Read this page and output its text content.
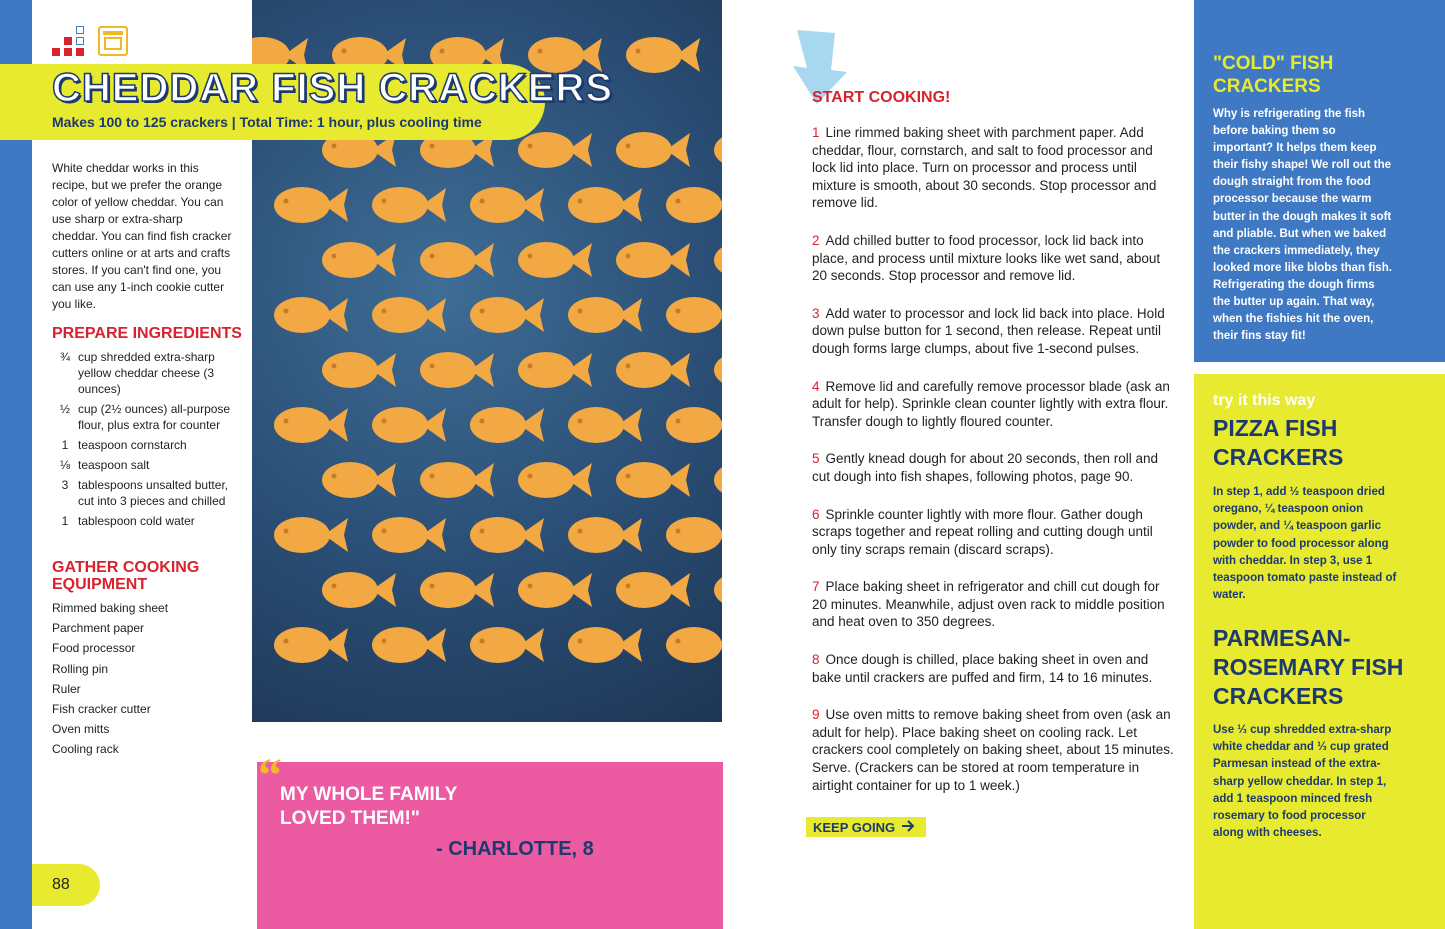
CHEDDAR FISH CRACKERS
Makes 100 to 125 crackers | Total Time: 1 hour, plus cooling time
White cheddar works in this recipe, but we prefer the orange color of yellow cheddar. You can use sharp or extra-sharp cheddar. You can find fish cracker cutters online or at arts and crafts stores. If you can't find one, you can use any 1-inch cookie cutter you like.
PREPARE INGREDIENTS
¾ cup shredded extra-sharp yellow cheddar cheese (3 ounces)
½ cup (2½ ounces) all-purpose flour, plus extra for counter
1 teaspoon cornstarch
⅛ teaspoon salt
3 tablespoons unsalted butter, cut into 3 pieces and chilled
1 tablespoon cold water
GATHER COOKING EQUIPMENT
Rimmed baking sheet
Parchment paper
Food processor
Rolling pin
Ruler
Fish cracker cutter
Oven mitts
Cooling rack	“
MY WHOLE FAMILY LOVED THEM!"
- CHARLOTTE, 8
88
START COOKING!
1 Line rimmed baking sheet with parchment paper. Add cheddar, flour, cornstarch, and salt to food processor and lock lid into place. Turn on processor and process until mixture is smooth, about 30 seconds. Stop processor and remove lid.
2 Add chilled butter to food processor, lock lid back into place, and process until mixture looks like wet sand, about 20 seconds. Stop processor and remove lid.
3 Add water to processor and lock lid back into place. Hold down pulse button for 1 second, then release. Repeat until dough forms large clumps, about five 1-second pulses.
4 Remove lid and carefully remove processor blade (ask an adult for help). Sprinkle clean counter lightly with extra flour. Transfer dough to lightly floured counter.
5 Gently knead dough for about 20 seconds, then roll and cut dough into fish shapes, following photos, page 90.
6 Sprinkle counter lightly with more flour. Gather dough scraps together and repeat rolling and cutting dough until only tiny scraps remain (discard scraps).
7 Place baking sheet in refrigerator and chill cut dough for 20 minutes. Meanwhile, adjust oven rack to middle position and heat oven to 350 degrees.
8 Once dough is chilled, place baking sheet in oven and bake until crackers are puffed and firm, 14 to 16 minutes.
9 Use oven mitts to remove baking sheet from oven (ask an adult for help). Place baking sheet on cooling rack. Let crackers cool completely on baking sheet, about 15 minutes. Serve. (Crackers can be stored at room temperature in airtight container for up to 1 week.)
KEEP GOING
"COLD" FISH CRACKERS
Why is refrigerating the fish before baking them so important? It helps them keep their fishy shape! We roll out the dough straight from the food processor because the warm butter in the dough makes it soft and pliable. But when we baked the crackers immediately, they looked more like blobs than fish. Refrigerating the dough firms the butter up again. That way, when the fishies hit the oven, their fins stay fit!
try it this way
PIZZA FISH CRACKERS
In step 1, add ½ teaspoon dried oregano, ¼ teaspoon onion powder, and ¼ teaspoon garlic powder to food processor along with cheddar. In step 3, use 1 teaspoon tomato paste instead of water.
PARMESAN-ROSEMARY FISH CRACKERS
Use ⅓ cup shredded extra-sharp white cheddar and ⅓ cup grated Parmesan instead of the extra-sharp yellow cheddar. In step 1, add 1 teaspoon minced fresh rosemary to food processor along with cheeses.
